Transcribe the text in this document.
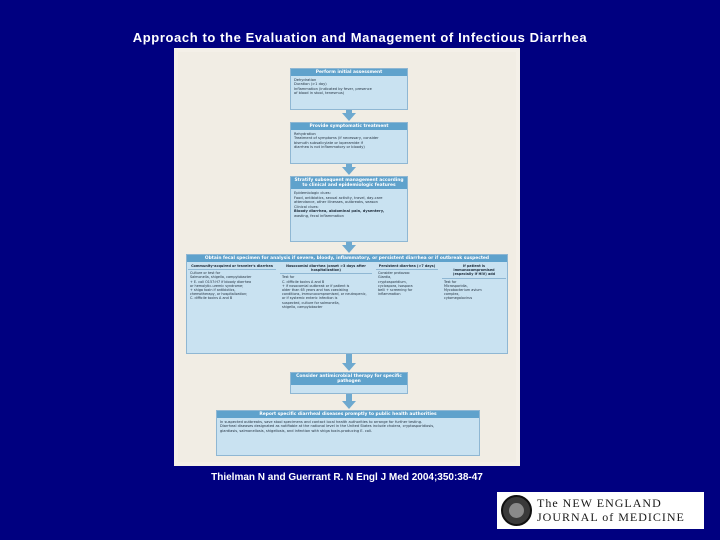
Approach to the Evaluation and Management of Infectious Diarrhea
Perform initial assessment
Dehydration
Duration (>1 day)
Inflammation (indicated by fever, presence
of blood in stool, tenesmus)
Provide symptomatic treatment
Rehydration
Treatment of symptoms (if necessary, consider
bismuth subsalicylate or loperamide if
diarrhea is not inflammatory or bloody)
Stratify subsequent management according to clinical and epidemiologic features
Epidemiologic clues:
Food, antibiotics, sexual activity, travel, day-care
attendance, other illnesses, outbreaks, season
Clinical clues:
Bloody diarrhea, abdominal pain, dysentery,
wasting, fecal inflammation
Obtain fecal specimen for analysis if severe, bloody, inflammatory, or persistent diarrhea or if outbreak suspected
Community-acquired or traveler's diarrhea
Culture or test for
Salmonella, shigella, campylobacter
+ E. coli O157:H7 if bloody diarrhea
or hemolytic-uremic syndrome;
+ shiga toxin if antibiotics,
chemotherapy, or hospitalization;
C. difficile toxins A and B
Nosocomial diarrhea (onset >3 days after hospitalization)
Test for
C. difficile toxins A and B
+ if nosocomial outbreak or if patient is
older than 65 years and has coexisting
conditions, immunocompromised, or neutropenic,
or if systemic enteric infection is
suspected, culture for salmonella,
shigella, campylobacter
Persistent diarrhea (>7 days)
Consider protozoa:
Giardia,
cryptosporidium,
cyclospora, isospora
belli + screening for
inflammation
If patient is immunocompromised (especially if HIV) add
Test for
Microsporidia,
Mycobacterium avium
complex,
cytomegalovirus
Consider antimicrobial therapy for specific pathogen
Report specific diarrheal diseases promptly to public health authorities
In suspected outbreaks, save stool specimens and contact local health authorities to arrange for further testing.
Diarrheal diseases designated as notifiable at the national level in the United States include cholera, cryptosporidiosis,
giardiasis, salmonellosis, shigellosis, and infection with shiga toxin-producing E. coli.
Thielman N and Guerrant R. N Engl J Med 2004;350:38-47
The NEW ENGLAND
JOURNAL of MEDICINE
